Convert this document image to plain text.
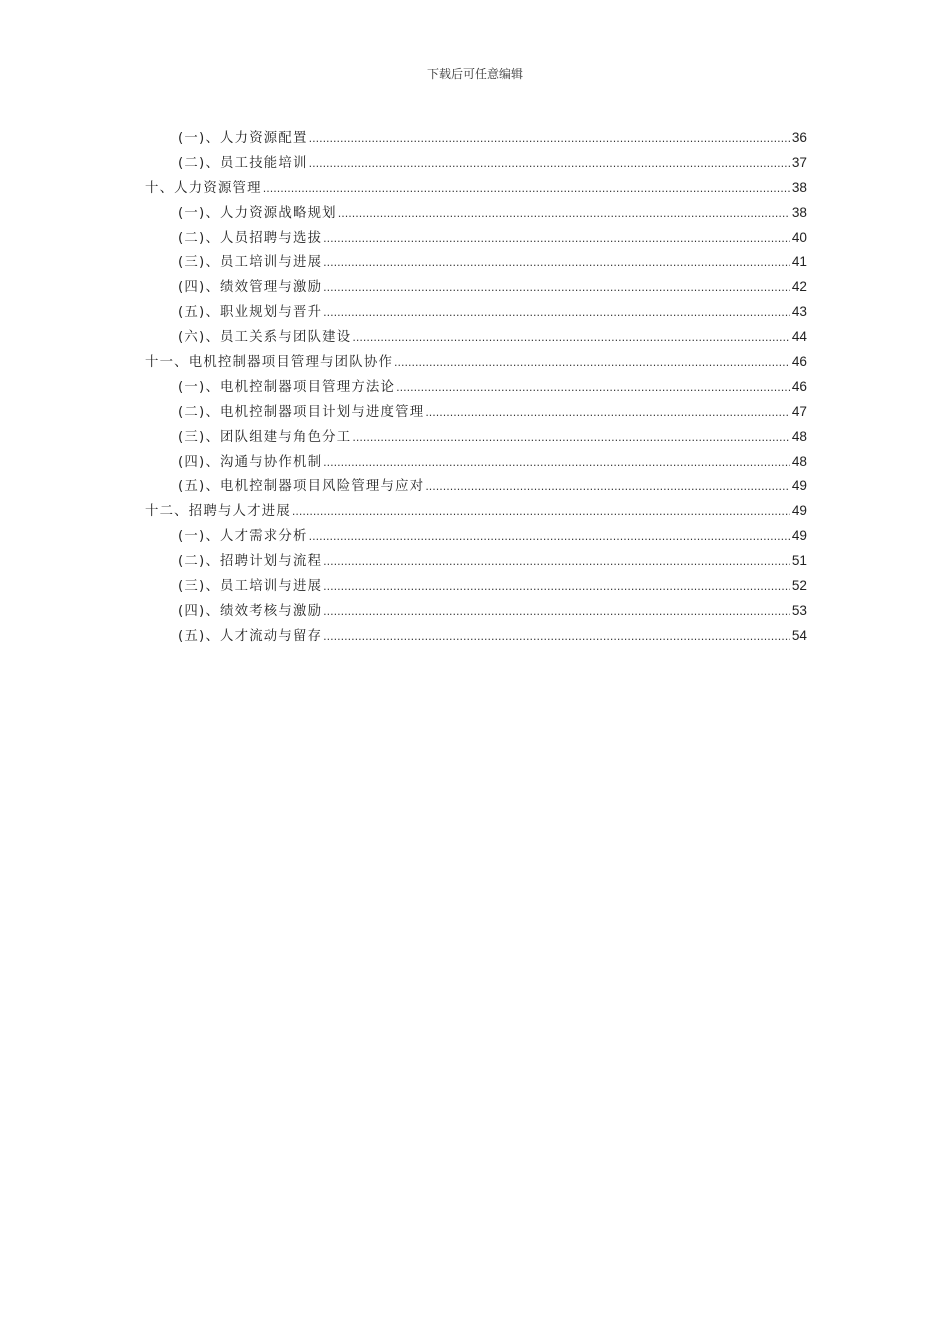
下载后可任意编辑
(一)、人力资源配置 .....	36
(二)、员工技能培训 .....	37
十、人力资源管理 .....	38
(一)、人力资源战略规划 .....	38
(二)、人员招聘与选拔 .....	40
(三)、员工培训与进展 .....	41
(四)、绩效管理与激励 .....	42
(五)、职业规划与晋升 .....	43
(六)、员工关系与团队建设 .....	44
十一、电机控制器项目管理与团队协作 .....	46
(一)、电机控制器项目管理方法论 .....	46
(二)、电机控制器项目计划与进度管理 .....	47
(三)、团队组建与角色分工 .....	48
(四)、沟通与协作机制 .....	48
(五)、电机控制器项目风险管理与应对 .....	49
十二、招聘与人才进展 .....	49
(一)、人才需求分析 .....	49
(二)、招聘计划与流程 .....	51
(三)、员工培训与进展 .....	52
(四)、绩效考核与激励 .....	53
(五)、人才流动与留存 .....	54
